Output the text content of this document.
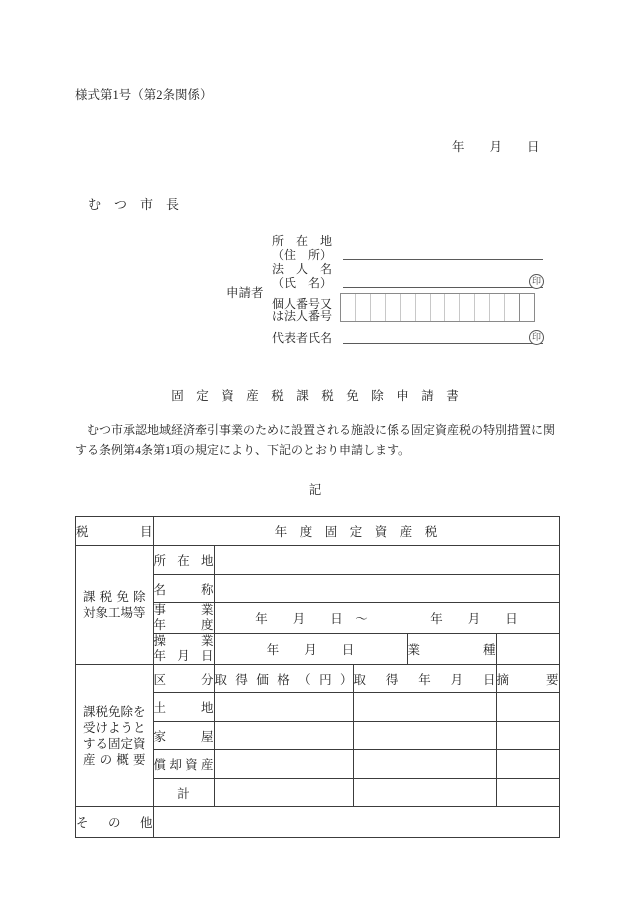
様式第1号（第2条関係）
年　　月　　日
む　つ　市　長
申請者
所　在　地
（住　所）
法　人　名
（氏　名）	印
個人番号又
は法人番号
代表者氏名	印
固　定　資　産　税　課　税　免　除　申　請　書
　むつ市承認地域経済牽引事業のために設置される施設に係る固定資産税の特別措置に関
する条例第4条第1項の規定により、下記のとおり申請します。
記
税目	年　度　固　定　資　産　税				

課税免除
対象工場等	所在地				
	名称				

	事業
年度	年　　月　　日　～　　　　　年　　月　　日			

	操業
年月日	年　　月　　日		業種	

課税免除を
受けようと
する固定資
産の概要	区分	取得価格（円）	取得年月日		摘要
	土地				
	家屋				
	償却資産				
	計				
その他					
